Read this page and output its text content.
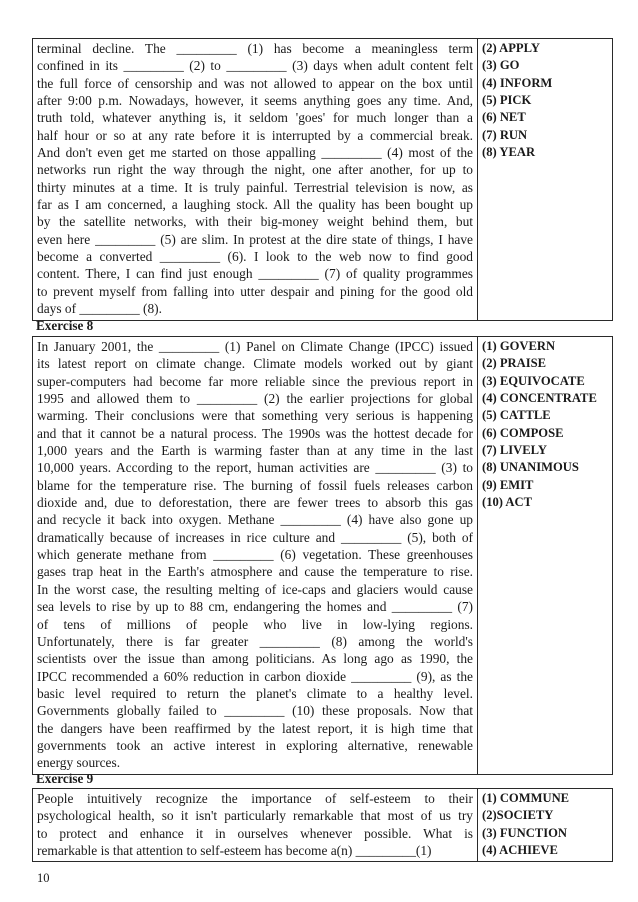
terminal decline. The _________ (1) has become a meaningless term
confined in its _________ (2) to _________ (3) days when adult content felt
the full force of censorship and was not allowed to appear on the box until
after 9:00 p.m. Nowadays, however, it seems anything goes any time. And,
truth told, whatever anything is, it seldom 'goes' for much longer than a
half hour or so at any rate before it is interrupted by a commercial break.
And don't even get me started on those appalling _________ (4) most of the
networks run right the way through the night, one after another, for up to
thirty minutes at a time. It is truly painful. Terrestrial television is now, as
far as I am concerned, a laughing stock. All the quality has been bought up
by the satellite networks, with their big-money weight behind them, but
even here _________ (5) are slim. In protest at the dire state of things, I have
become a converted _________ (6). I look to the web now to find good
content. There, I can find just enough _________ (7) of quality programmes
to prevent myself from falling into utter despair and pining for the good old
days of _________ (8).

(2) APPLY
(3) GO
(4) INFORM
(5) PICK
(6) NET
(7) RUN
(8) YEAR
Exercise 8
In January 2001, the _________ (1) Panel on Climate Change (IPCC) issued
its latest report on climate change. Climate models worked out by giant
super-computers had become far more reliable since the previous report in
1995 and allowed them to _________ (2) the earlier projections for global
warming. Their conclusions were that something very serious is happening
and that it cannot be a natural process. The 1990s was the hottest decade for
1,000 years and the Earth is warming faster than at any time in the last
10,000 years. According to the report, human activities are _________ (3) to
blame for the temperature rise. The burning of fossil fuels releases carbon
dioxide and, due to deforestation, there are fewer trees to absorb this gas
and recycle it back into oxygen. Methane _________ (4) have also gone up
dramatically because of increases in rice culture and _________ (5), both of
which generate methane from _________ (6) vegetation. These greenhouses
gases trap heat in the Earth's atmosphere and cause the temperature to rise.
In the worst case, the resulting melting of ice-caps and glaciers would cause
sea levels to rise by up to 88 cm, endangering the homes and _________ (7)
of tens of millions of people who live in low-lying regions.
Unfortunately, there is far greater _________ (8) among the world's
scientists over the issue than among politicians. As long ago as 1990, the
IPCC recommended a 60% reduction in carbon dioxide _________ (9), as the
basic level required to return the planet's climate to a healthy level.
Governments globally failed to _________ (10) these proposals. Now that
the dangers have been reaffirmed by the latest report, it is high time that
governments took an active interest in exploring alternative, renewable
energy sources.

(1) GOVERN
(2) PRAISE
(3) EQUIVOCATE
(4) CONCENTRATE
(5) CATTLE
(6) COMPOSE
(7) LIVELY
(8) UNANIMOUS
(9) EMIT
(10) ACT
Exercise 9
People intuitively recognize the importance of self-esteem to their
psychological health, so it isn't particularly remarkable that most of us try
to protect and enhance it in ourselves whenever possible. What is
remarkable is that attention to self-esteem has become a(n) _________(1)

(1) COMMUNE
(2)SOCIETY
(3) FUNCTION
(4) ACHIEVE
10
